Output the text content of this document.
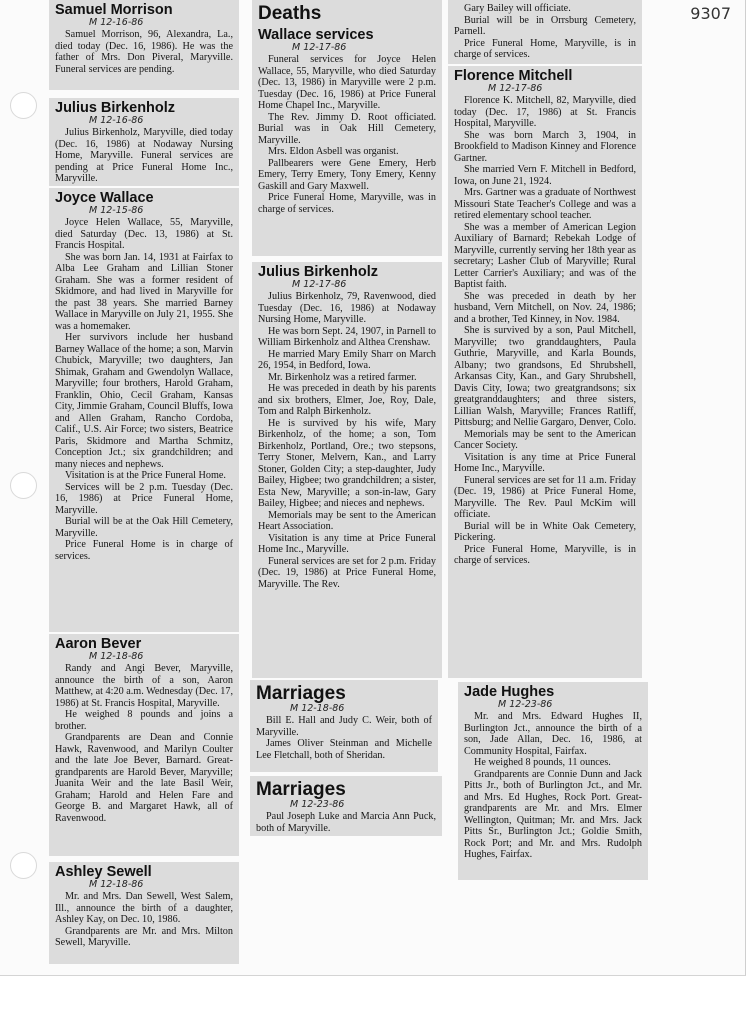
9307
Samuel Morrison
M 12-16-86

Samuel Morrison, 96, Alexandra, La., died today (Dec. 16, 1986). He was the father of Mrs. Don Piveral, Maryville. Funeral services are pending.

Julius Birkenholz
M 12-16-86

Julius Birkenholz, Maryville, died today (Dec. 16, 1986) at Nodaway Nursing Home, Maryville. Funeral services are pending at Price Funeral Home Inc., Maryville.

Joyce Wallace
M 12-15-86

Joyce Helen Wallace, 55, Maryville, died Saturday (Dec. 13, 1986) at St. Francis Hospital.

She was born Jan. 14, 1931 at Fairfax to Alba Lee Graham and Lillian Stoner Graham. She was a former resident of Skidmore, and had lived in Maryville for the past 38 years. She married Barney Wallace in Maryville on July 21, 1955. She was a homemaker.

Her survivors include her husband Barney Wallace of the home; a son, Marvin Chubick, Maryville; two daughters, Jan Shimak, Graham and Gwendolyn Wallace, Maryville; four brothers, Harold Graham, Franklin, Ohio, Cecil Graham, Kansas City, Jimmie Graham, Council Bluffs, Iowa and Allen Graham, Rancho Cordoba, Calif., U.S. Air Force; two sisters, Beatrice Paris, Skidmore and Martha Schmitz, Conception Jct.; six grandchildren; and many nieces and nephews.

Visitation is at the Price Funeral Home.

Services will be 2 p.m. Tuesday (Dec. 16, 1986) at Price Funeral Home, Maryville.

Burial will be at the Oak Hill Cemetery, Maryville.

Price Funeral Home is in charge of services.

Aaron Bever
M 12-18-86

Randy and Angi Bever, Maryville, announce the birth of a son, Aaron Matthew, at 4:20 a.m. Wednesday (Dec. 17, 1986) at St. Francis Hospital, Maryville.

He weighed 8 pounds and joins a brother.

Grandparents are Dean and Connie Hawk, Ravenwood, and Marilyn Coulter and the late Joe Bever, Barnard. Great-grandparents are Harold Bever, Maryville; Juanita Weir and the late Basil Weir, Graham; Harold and Helen Fare and George B. and Margaret Hawk, all of Ravenwood.

Ashley Sewell
M 12-18-86

Mr. and Mrs. Dan Sewell, West Salem, Ill., announce the birth of a daughter, Ashley Kay, on Dec. 10, 1986.

Grandparents are Mr. and Mrs. Milton Sewell, Maryville.

Deaths
Wallace services
M 12-17-86

Funeral services for Joyce Helen Wallace, 55, Maryville, who died Saturday (Dec. 13, 1986) in Maryville were 2 p.m. Tuesday (Dec. 16, 1986) at Price Funeral Home Chapel Inc., Maryville.

The Rev. Jimmy D. Root officiated. Burial was in Oak Hill Cemetery, Maryville.

Mrs. Eldon Asbell was organist.

Pallbearers were Gene Emery, Herb Emery, Terry Emery, Tony Emery, Kenny Gaskill and Gary Maxwell.

Price Funeral Home, Maryville, was in charge of services.

Julius Birkenholz
M 12-17-86

Julius Birkenholz, 79, Ravenwood, died Tuesday (Dec. 16, 1986) at Nodaway Nursing Home, Maryville.

He was born Sept. 24, 1907, in Parnell to William Birkenholz and Althea Crenshaw.

He married Mary Emily Sharr on March 26, 1954, in Bedford, Iowa.

Mr. Birkenholz was a retired farmer.

He was preceded in death by his parents and six brothers, Elmer, Joe, Roy, Dale, Tom and Ralph Birkenholz.

He is survived by his wife, Mary Birkenholz, of the home; a son, Tom Birkenholz, Portland, Ore.; two stepsons, Terry Stoner, Melvern, Kan., and Larry Stoner, Golden City; a step-daughter, Judy Bailey, Higbee; two grandchildren; a sister, Esta New, Maryville; a son-in-law, Gary Bailey, Higbee; and nieces and nephews.

Memorials may be sent to the American Heart Association.

Visitation is any time at Price Funeral Home Inc., Maryville.

Funeral services are set for 2 p.m. Friday (Dec. 19, 1986) at Price Funeral Home, Maryville. The Rev.

Marriages
M 12-18-86

Bill E. Hall and Judy C. Weir, both of Maryville.

James Oliver Steinman and Michelle Lee Fletchall, both of Sheridan.

Marriages
M 12-23-86

Paul Joseph Luke and Marcia Ann Puck, both of Maryville.

Gary Bailey will officiate.

Burial will be in Orrsburg Cemetery, Parnell.

Price Funeral Home, Maryville, is in charge of services.

Florence Mitchell
M 12-17-86

Florence K. Mitchell, 82, Maryville, died today (Dec. 17, 1986) at St. Francis Hospital, Maryville.

She was born March 3, 1904, in Brookfield to Madison Kinney and Florence Gartner.

She married Vern F. Mitchell in Bedford, Iowa, on June 21, 1924.

Mrs. Gartner was a graduate of Northwest Missouri State Teacher's College and was a retired elementary school teacher.

She was a member of American Legion Auxiliary of Barnard; Rebekah Lodge of Maryville, currently serving her 18th year as secretary; Lasher Club of Maryville; Rural Letter Carrier's Auxiliary; and was of the Baptist faith.

She was preceded in death by her husband, Vern Mitchell, on Nov. 24, 1986; and a brother, Ted Kinney, in Nov. 1984.

She is survived by a son, Paul Mitchell, Maryville; two granddaughters, Paula Guthrie, Maryville, and Karla Bounds, Albany; two grandsons, Ed Shrubshell, Arkansas City, Kan., and Gary Shrubshell, Davis City, Iowa; two greatgrandsons; six greatgranddaughters; and three sisters, Lillian Walsh, Maryville; Frances Ratliff, Pittsburg; and Nellie Gargaro, Denver, Colo.

Memorials may be sent to the American Cancer Society.

Visitation is any time at Price Funeral Home Inc., Maryville.

Funeral services are set for 11 a.m. Friday (Dec. 19, 1986) at Price Funeral Home, Maryville. The Rev. Paul McKim will officiate.

Burial will be in White Oak Cemetery, Pickering.

Price Funeral Home, Maryville, is in charge of services.

Jade Hughes
M 12-23-86

Mr. and Mrs. Edward Hughes II, Burlington Jct., announce the birth of a son, Jade Allan, Dec. 16, 1986, at Community Hospital, Fairfax.

He weighed 8 pounds, 11 ounces.

Grandparents are Connie Dunn and Jack Pitts Jr., both of Burlington Jct., and Mr. and Mrs. Ed Hughes, Rock Port. Great-grandparents are Mr. and Mrs. Elmer Wellington, Quitman; Mr. and Mrs. Jack Pitts Sr., Burlington Jct.; Goldie Smith, Rock Port; and Mr. and Mrs. Rudolph Hughes, Fairfax.
